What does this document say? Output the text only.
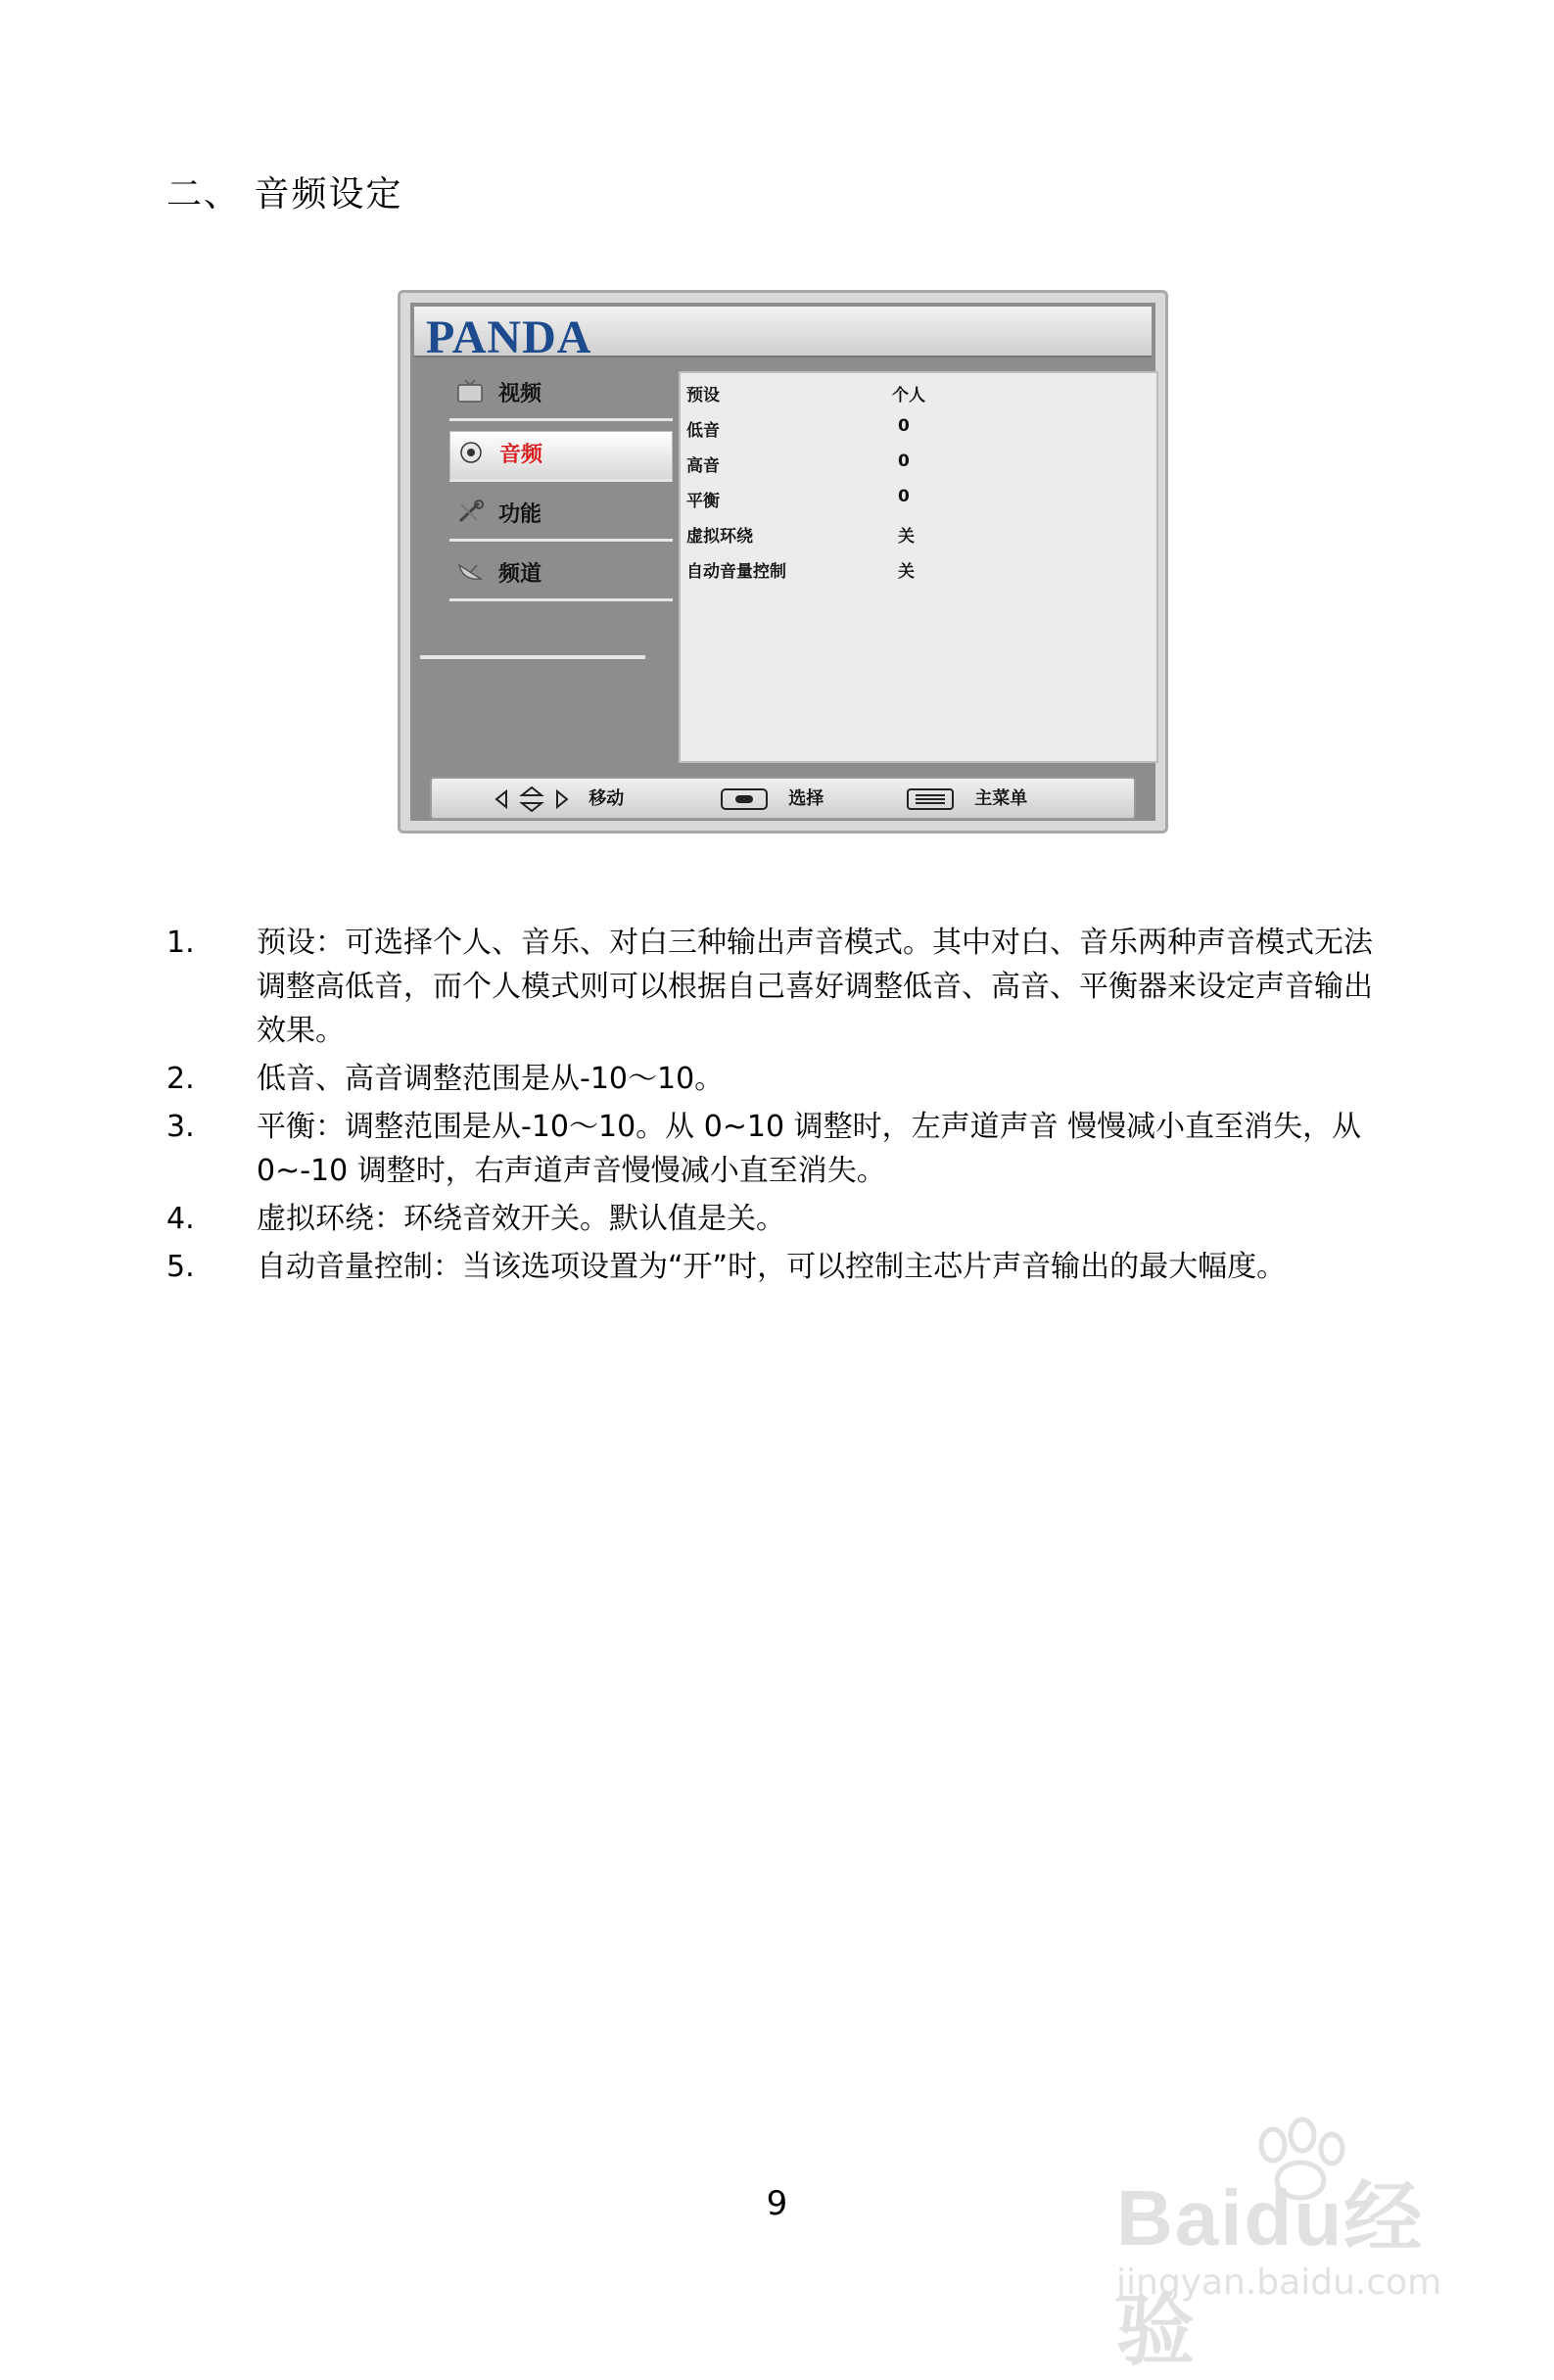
二、 音频设定
PANDA
视频
音频
功能
频道
预设	个人
低音	0
高音	0
平衡	0
虚拟环绕	关
自动音量控制	关
移动	选择	主菜单
1. 预设：可选择个人、音乐、对白三种输出声音模式。其中对白、音乐两种声音模式无法调整高低音，而个人模式则可以根据自己喜好调整低音、高音、平衡器来设定声音输出效果。
2. 低音、高音调整范围是从-10～10。
3. 平衡：调整范围是从-10～10。从 0~10 调整时，左声道声音 慢慢减小直至消失，从 0~-10 调整时，右声道声音慢慢减小直至消失。
4. 虚拟环绕：环绕音效开关。默认值是关。
5. 自动音量控制：当该选项设置为“开”时，可以控制主芯片声音输出的最大幅度。
9	Baidu经验
jingyan.baidu.com
